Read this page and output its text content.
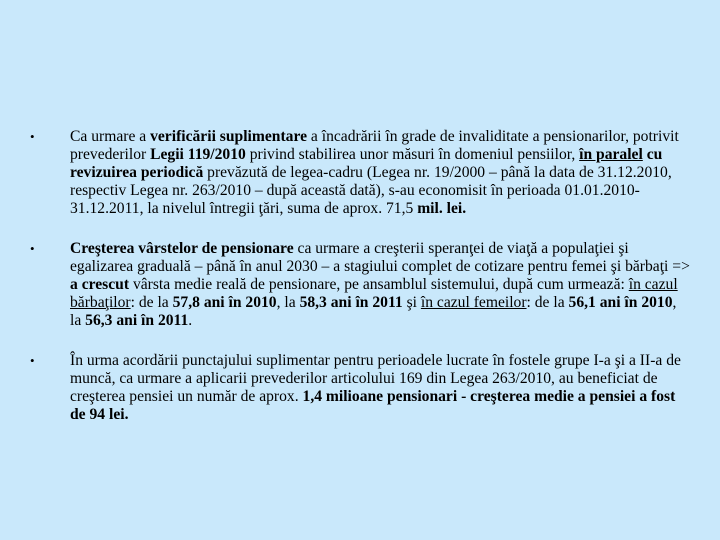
• Ca urmare a verificării suplimentare a încadrării în grade de invaliditate a pensionarilor, potrivit prevederilor Legii 119/2010 privind stabilirea unor măsuri în domeniul pensiilor, în paralel cu revizuirea periodică prevăzută de legea-cadru (Legea nr. 19/2000 – până la data de 31.12.2010, respectiv Legea nr. 263/2010 – după această dată), s-au economisit în perioada 01.01.2010-31.12.2011, la nivelul întregii ţări, suma de aprox. 71,5 mil. lei.
• Creşterea vârstelor de pensionare ca urmare a creşterii speranţei de viaţă a populaţiei şi egalizarea graduală – până în anul 2030 – a stagiului complet de cotizare pentru femei şi bărbaţi => a crescut vârsta medie reală de pensionare, pe ansamblul sistemului, după cum urmează: în cazul bărbaţilor: de la 57,8 ani în 2010, la 58,3 ani în 2011 şi în cazul femeilor: de la 56,1 ani în 2010, la 56,3 ani în 2011.
• În urma acordării punctajului suplimentar pentru perioadele lucrate în fostele grupe I-a şi a II-a de muncă, ca urmare a aplicarii prevederilor articolului 169 din Legea 263/2010, au beneficiat de creşterea pensiei un număr de aprox. 1,4 milioane pensionari - creşterea medie a pensiei a fost de 94 lei.
